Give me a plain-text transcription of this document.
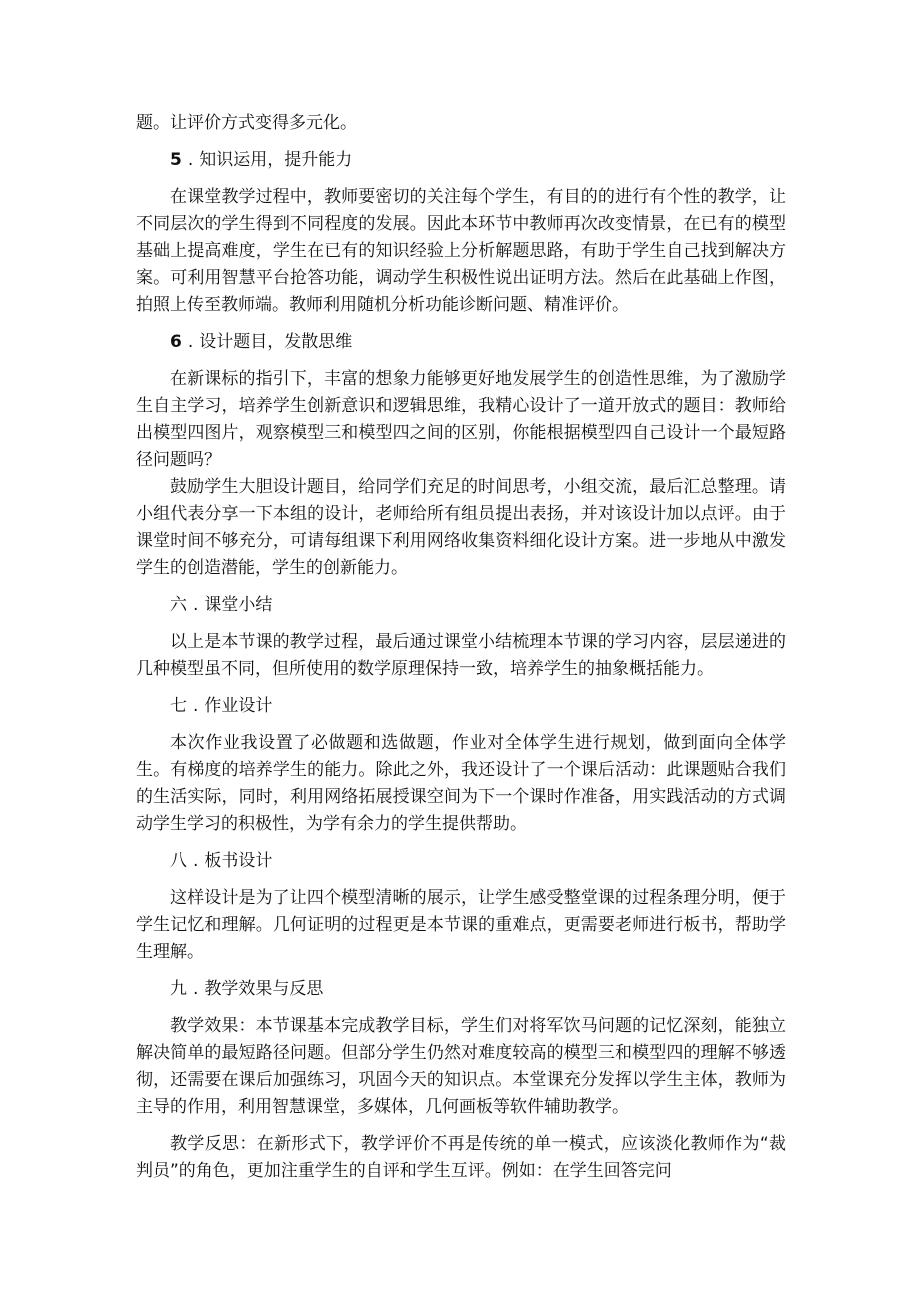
题。让评价方式变得多元化。

5 . 知识运用，提升能力

在课堂教学过程中，教师要密切的关注每个学生，有目的的进行有个性的教学，让不同层次的学生得到不同程度的发展。因此本环节中教师再次改变情景，在已有的模型基础上提高难度，学生在已有的知识经验上分析解题思路，有助于学生自己找到解决方案。可利用智慧平台抢答功能，调动学生积极性说出证明方法。然后在此基础上作图，拍照上传至教师端。教师利用随机分析功能诊断问题、精准评价。

6 . 设计题目，发散思维

在新课标的指引下，丰富的想象力能够更好地发展学生的创造性思维，为了激励学生自主学习，培养学生创新意识和逻辑思维，我精心设计了一道开放式的题目：教师给出模型四图片，观察模型三和模型四之间的区别，你能根据模型四自己设计一个最短路径问题吗？

鼓励学生大胆设计题目，给同学们充足的时间思考，小组交流，最后汇总整理。请小组代表分享一下本组的设计，老师给所有组员提出表扬，并对该设计加以点评。由于课堂时间不够充分，可请每组课下利用网络收集资料细化设计方案。进一步地从中激发学生的创造潜能，学生的创新能力。

六 . 课堂小结

以上是本节课的教学过程，最后通过课堂小结梳理本节课的学习内容，层层递进的几种模型虽不同，但所使用的数学原理保持一致，培养学生的抽象概括能力。

七 . 作业设计

本次作业我设置了必做题和选做题，作业对全体学生进行规划，做到面向全体学生。有梯度的培养学生的能力。除此之外，我还设计了一个课后活动：此课题贴合我们的生活实际，同时，利用网络拓展授课空间为下一个课时作准备，用实践活动的方式调动学生学习的积极性，为学有余力的学生提供帮助。

八 . 板书设计

这样设计是为了让四个模型清晰的展示，让学生感受整堂课的过程条理分明，便于学生记忆和理解。几何证明的过程更是本节课的重难点，更需要老师进行板书，帮助学生理解。

九 . 教学效果与反思

教学效果：本节课基本完成教学目标，学生们对将军饮马问题的记忆深刻，能独立解决简单的最短路径问题。但部分学生仍然对难度较高的模型三和模型四的理解不够透彻，还需要在课后加强练习，巩固今天的知识点。本堂课充分发挥以学生主体，教师为主导的作用，利用智慧课堂，多媒体，几何画板等软件辅助教学。

教学反思：在新形式下，教学评价不再是传统的单一模式，应该淡化教师作为“裁判员”的角色，更加注重学生的自评和学生互评。例如：在学生回答完问
